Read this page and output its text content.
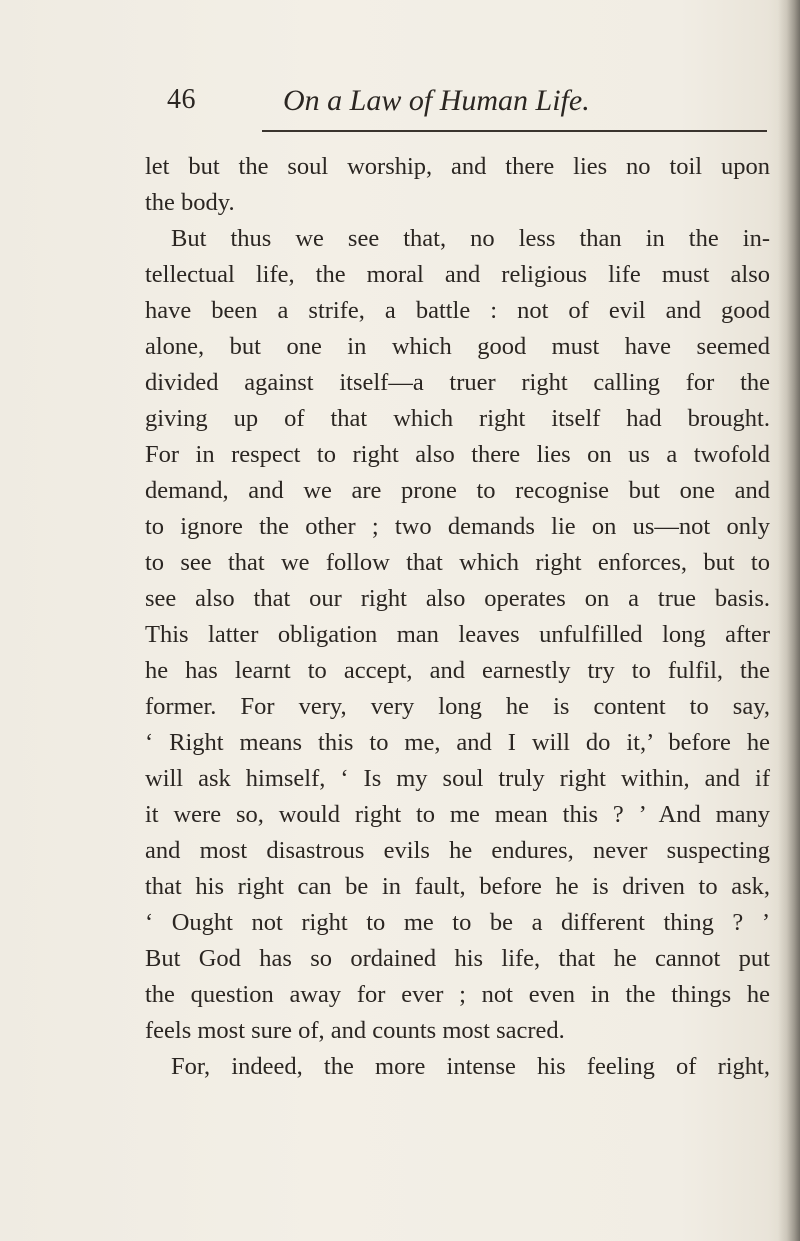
46	On a Law of Human Life.
let but the soul worship, and there lies no toil upon
the body.
But thus we see that, no less than in the in-
tellectual life, the moral and religious life must also
have been a strife, a battle : not of evil and good
alone, but one in which good must have seemed
divided against itself—a truer right calling for the
giving up of that which right itself had brought.
For in respect to right also there lies on us a twofold
demand, and we are prone to recognise but one and
to ignore the other ; two demands lie on us—not only
to see that we follow that which right enforces, but to
see also that our right also operates on a true basis.
This latter obligation man leaves unfulfilled long after
he has learnt to accept, and earnestly try to fulfil, the
former. For very, very long he is content to say,
‘ Right means this to me, and I will do it,’ before he
will ask himself, ‘ Is my soul truly right within, and if
it were so, would right to me mean this ? ’ And many
and most disastrous evils he endures, never suspecting
that his right can be in fault, before he is driven to ask,
‘ Ought not right to me to be a different thing ? ’
But God has so ordained his life, that he cannot put
the question away for ever ; not even in the things he
feels most sure of, and counts most sacred.
For, indeed, the more intense his feeling of right,
